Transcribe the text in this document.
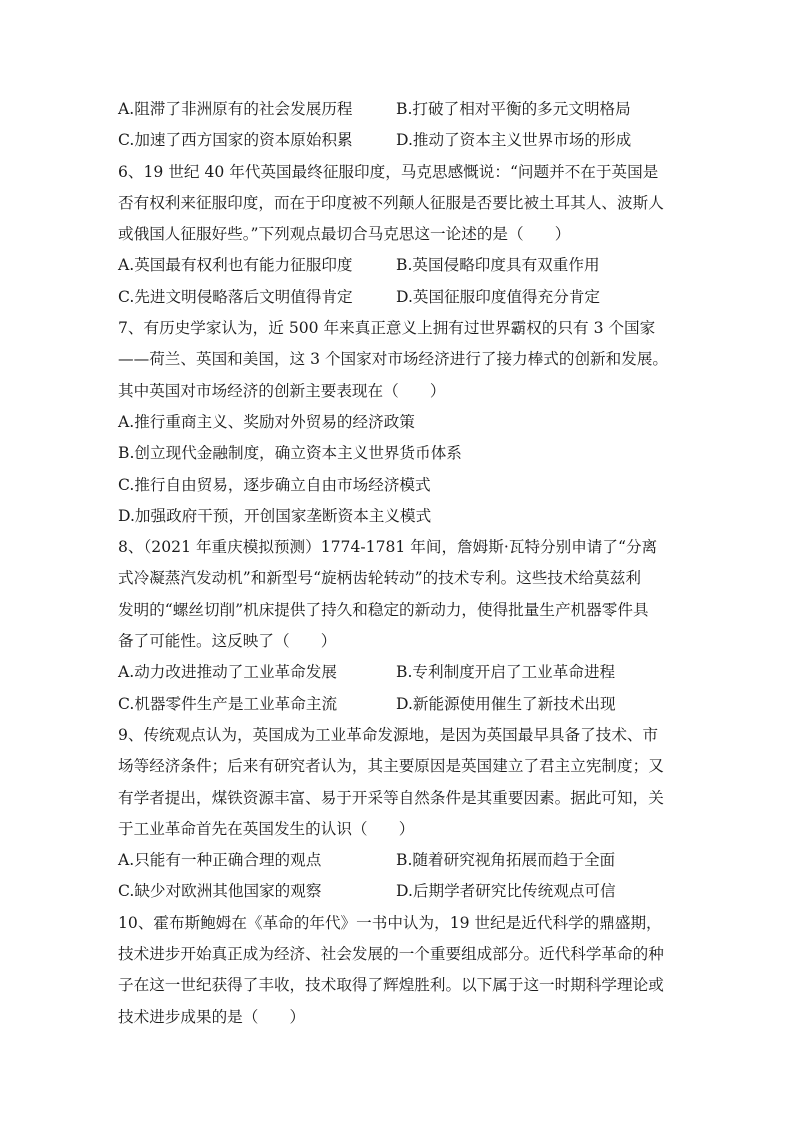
A.阻滞了非洲原有的社会发展历程	B.打破了相对平衡的多元文明格局
C.加速了西方国家的资本原始积累	D.推动了资本主义世界市场的形成
6、19 世纪 40 年代英国最终征服印度，马克思感慨说：“问题并不在于英国是
否有权利来征服印度，而在于印度被不列颠人征服是否要比被土耳其人、波斯人
或俄国人征服好些。”下列观点最切合马克思这一论述的是（　　）
A.英国最有权利也有能力征服印度	B.英国侵略印度具有双重作用
C.先进文明侵略落后文明值得肯定	D.英国征服印度值得充分肯定
7、有历史学家认为，近 500 年来真正意义上拥有过世界霸权的只有 3 个国家
——荷兰、英国和美国，这 3 个国家对市场经济进行了接力棒式的创新和发展。
其中英国对市场经济的创新主要表现在（　　）
A.推行重商主义、奖励对外贸易的经济政策
B.创立现代金融制度，确立资本主义世界货币体系
C.推行自由贸易，逐步确立自由市场经济模式
D.加强政府干预，开创国家垄断资本主义模式
8、（2021 年重庆模拟预测）1774-1781 年间，詹姆斯·瓦特分别申请了“分离
式冷凝蒸汽发动机”和新型号“旋柄齿轮转动”的技术专利。这些技术给莫兹利
发明的“螺丝切削”机床提供了持久和稳定的新动力，使得批量生产机器零件具
备了可能性。这反映了（　　）
A.动力改进推动了工业革命发展	B.专利制度开启了工业革命进程
C.机器零件生产是工业革命主流	D.新能源使用催生了新技术出现
9、传统观点认为，英国成为工业革命发源地，是因为英国最早具备了技术、市
场等经济条件；后来有研究者认为，其主要原因是英国建立了君主立宪制度；又
有学者提出，煤铁资源丰富、易于开采等自然条件是其重要因素。据此可知，关
于工业革命首先在英国发生的认识（　　）
A.只能有一种正确合理的观点	B.随着研究视角拓展而趋于全面
C.缺少对欧洲其他国家的观察	D.后期学者研究比传统观点可信
10、霍布斯鲍姆在《革命的年代》一书中认为，19 世纪是近代科学的鼎盛期，
技术进步开始真正成为经济、社会发展的一个重要组成部分。近代科学革命的种
子在这一世纪获得了丰收，技术取得了辉煌胜利。以下属于这一时期科学理论或
技术进步成果的是（　　）
